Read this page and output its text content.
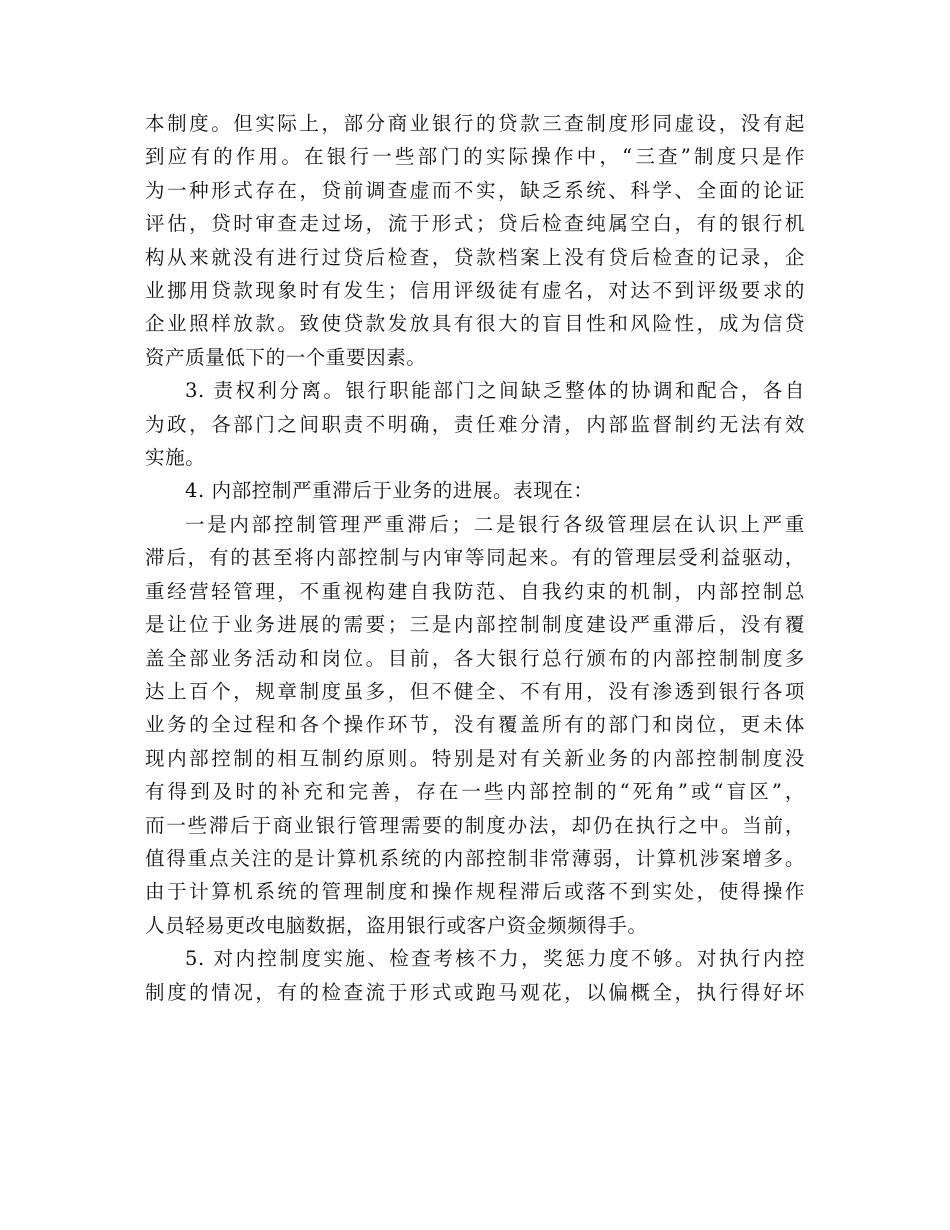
本制度。但实际上，部分商业银行的贷款三查制度形同虚设，没有起
到应有的作用。在银行一些部门的实际操作中，“三查”制度只是作
为一种形式存在，贷前调查虚而不实，缺乏系统、科学、全面的论证
评估，贷时审查走过场，流于形式；贷后检查纯属空白，有的银行机
构从来就没有进行过贷后检查，贷款档案上没有贷后检查的记录，企
业挪用贷款现象时有发生；信用评级徒有虚名，对达不到评级要求的
企业照样放款。致使贷款发放具有很大的盲目性和风险性，成为信贷
资产质量低下的一个重要因素。

3. 责权利分离。银行职能部门之间缺乏整体的协调和配合，各自
为政，各部门之间职责不明确，责任难分清，内部监督制约无法有效
实施。

4. 内部控制严重滞后于业务的进展。表现在：

一是内部控制管理严重滞后；二是银行各级管理层在认识上严重
滞后，有的甚至将内部控制与内审等同起来。有的管理层受利益驱动，
重经营轻管理，不重视构建自我防范、自我约束的机制，内部控制总
是让位于业务进展的需要；三是内部控制制度建设严重滞后，没有覆
盖全部业务活动和岗位。目前，各大银行总行颁布的内部控制制度多
达上百个，规章制度虽多，但不健全、不有用，没有渗透到银行各项
业务的全过程和各个操作环节，没有覆盖所有的部门和岗位，更未体
现内部控制的相互制约原则。特别是对有关新业务的内部控制制度没
有得到及时的补充和完善，存在一些内部控制的“死角”或“盲区”，
而一些滞后于商业银行管理需要的制度办法，却仍在执行之中。当前，
值得重点关注的是计算机系统的内部控制非常薄弱，计算机涉案增多。
由于计算机系统的管理制度和操作规程滞后或落不到实处，使得操作
人员轻易更改电脑数据，盗用银行或客户资金频频得手。

5. 对内控制度实施、检查考核不力，奖惩力度不够。对执行内控
制度的情况，有的检查流于形式或跑马观花，以偏概全，执行得好坏
